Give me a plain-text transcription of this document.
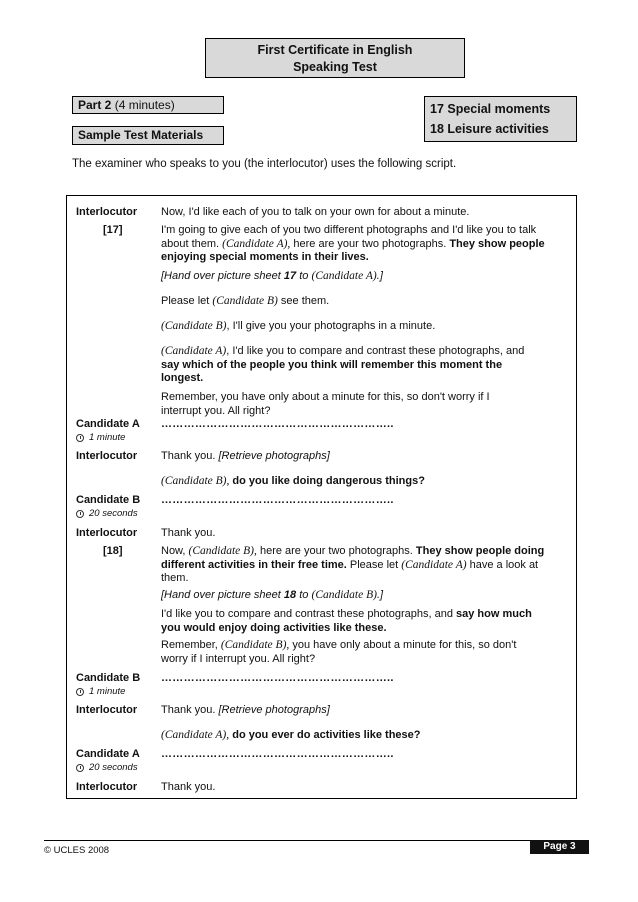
First Certificate in English
Speaking Test
Part 2 (4 minutes)
Sample Test Materials
17 Special moments
18 Leisure activities
The examiner who speaks to you (the interlocutor) uses the following script.
Interlocutor Now, I'd like each of you to talk on your own for about a minute.
[17]	I'm going to give each of you two different photographs and I'd like you to talk about them. (Candidate A), here are your two photographs. They show people enjoying special moments in their lives.
[Hand over picture sheet 17 to (Candidate A).]
Please let (Candidate B) see them.
(Candidate B), I'll give you your photographs in a minute.
(Candidate A), I'd like you to compare and contrast these photographs, and say which of the people you think will remember this moment the longest.
Remember, you have only about a minute for this, so don't worry if I interrupt you. All right?
Candidate A ……………………………………………………..
1 minute
Interlocutor Thank you. [Retrieve photographs]
(Candidate B), do you like doing dangerous things?
Candidate B ……………………………………………………..
20 seconds
Interlocutor Thank you.
[18]	Now, (Candidate B), here are your two photographs. They show people doing different activities in their free time. Please let (Candidate A) have a look at them.
[Hand over picture sheet 18 to (Candidate B).]
I'd like you to compare and contrast these photographs, and say how much you would enjoy doing activities like these.
Remember, (Candidate B), you have only about a minute for this, so don't worry if I interrupt you. All right?
Candidate B ……………………………………………………..
1 minute
Interlocutor Thank you. [Retrieve photographs]
(Candidate A), do you ever do activities like these?
Candidate A ……………………………………………………..
20 seconds
Interlocutor Thank you.
© UCLES 2008	Page 3
